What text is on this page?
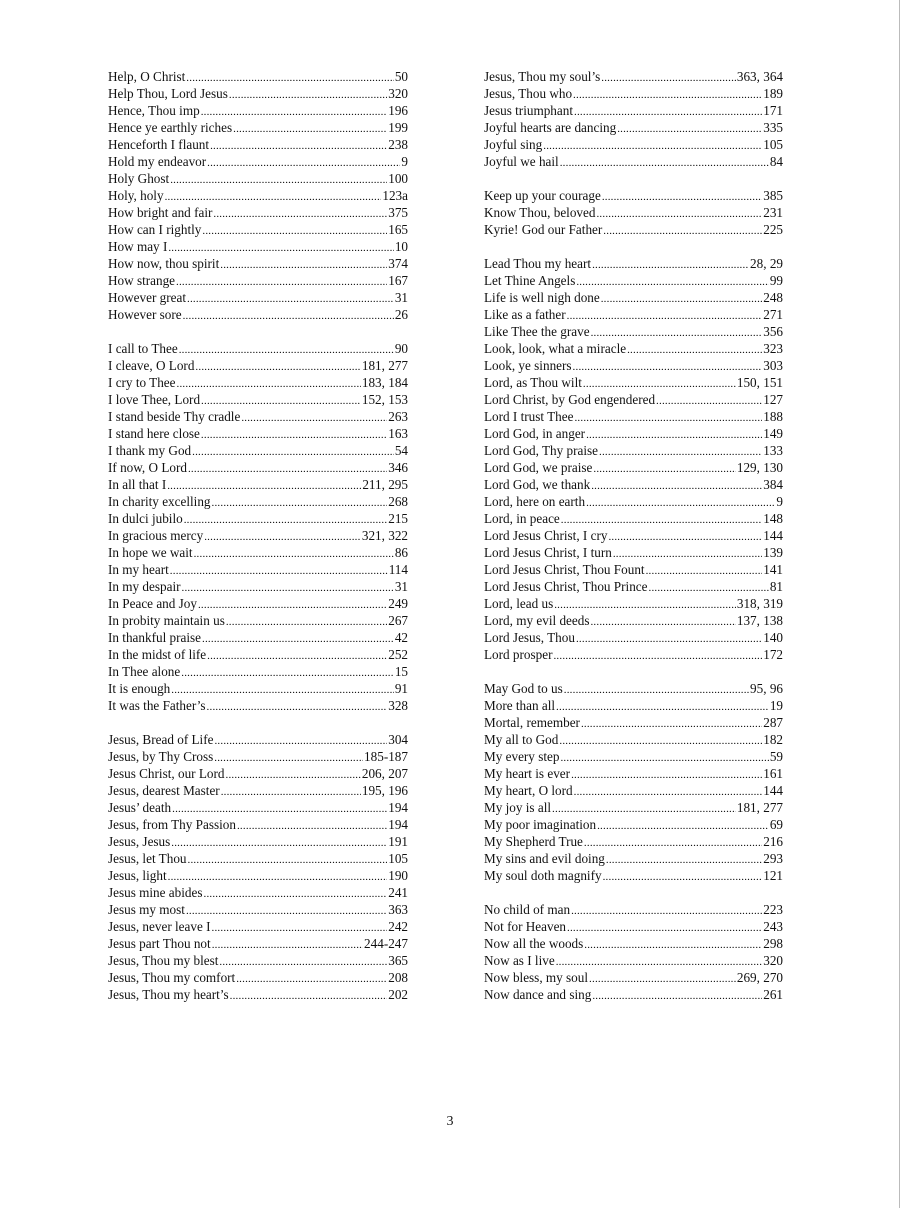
Help, O Christ .....	50
Help Thou, Lord Jesus .....	320
Hence, Thou imp .....	196
Hence ye earthly riches .....	199
Henceforth I flaunt .....	238
Hold my endeavor .....	9
Holy Ghost .....	100
Holy, holy .....	123a
How bright and fair .....	375
How can I rightly .....	165
How may I .....	10
How now, thou spirit .....	374
How strange .....	167
However great .....	31
However sore .....	26
I call to Thee .....	90
I cleave, O Lord .....	181, 277
I cry to Thee .....	183, 184
I love Thee, Lord .....	152, 153
I stand beside Thy cradle .....	263
I stand here close .....	163
I thank my God .....	54
If now, O Lord .....	346
In all that I .....	211, 295
In charity excelling .....	268
In dulci jubilo .....	215
In gracious mercy .....	321, 322
In hope we wait .....	86
In my heart .....	114
In my despair .....	31
In Peace and Joy .....	249
In probity maintain us .....	267
In thankful praise .....	42
In the midst of life .....	252
In Thee alone .....	15
It is enough .....	91
It was the Father’s .....	328
Jesus, Bread of Life .....	304
Jesus, by Thy Cross .....	185-187
Jesus Christ, our Lord .....	206, 207
Jesus, dearest Master .....	195, 196
Jesus’ death .....	194
Jesus, from Thy Passion .....	194
Jesus, Jesus .....	191
Jesus, let Thou .....	105
Jesus, light .....	190
Jesus mine abides .....	241
Jesus my most .....	363
Jesus, never leave I .....	242
Jesus part Thou not .....	244-247
Jesus, Thou my blest .....	365
Jesus, Thou my comfort .....	208
Jesus, Thou my heart’s .....	202
Jesus, Thou my soul’s .....	363, 364
Jesus, Thou who .....	189
Jesus triumphant .....	171
Joyful hearts are dancing .....	335
Joyful sing .....	105
Joyful we hail .....	84
Keep up your courage .....	385
Know Thou, beloved .....	231
Kyrie! God our Father .....	225
Lead Thou my heart .....	28, 29
Let Thine Angels .....	99
Life is well nigh done .....	248
Like as a father .....	271
Like Thee the grave .....	356
Look, look, what a miracle .....	323
Look, ye sinners .....	303
Lord, as Thou wilt .....	150, 151
Lord Christ, by God engendered .....	127
Lord I trust Thee .....	188
Lord God, in anger .....	149
Lord God, Thy praise .....	133
Lord God, we praise .....	129, 130
Lord God, we thank .....	384
Lord, here on earth .....	9
Lord, in peace .....	148
Lord Jesus Christ, I cry .....	144
Lord Jesus Christ, I turn .....	139
Lord Jesus Christ, Thou Fount .....	141
Lord Jesus Christ, Thou Prince .....	81
Lord, lead us .....	318, 319
Lord, my evil deeds .....	137, 138
Lord Jesus, Thou .....	140
Lord prosper .....	172
May God to us .....	95, 96
More than all .....	19
Mortal, remember .....	287
My all to God .....	182
My every step .....	59
My heart is ever .....	161
My heart, O lord .....	144
My joy is all .....	181, 277
My poor imagination .....	69
My Shepherd True .....	216
My sins and evil doing .....	293
My soul doth magnify .....	121
No child of man .....	223
Not for Heaven .....	243
Now all the woods .....	298
Now as I live .....	320
Now bless, my soul .....	269, 270
Now dance and sing .....	261
3
